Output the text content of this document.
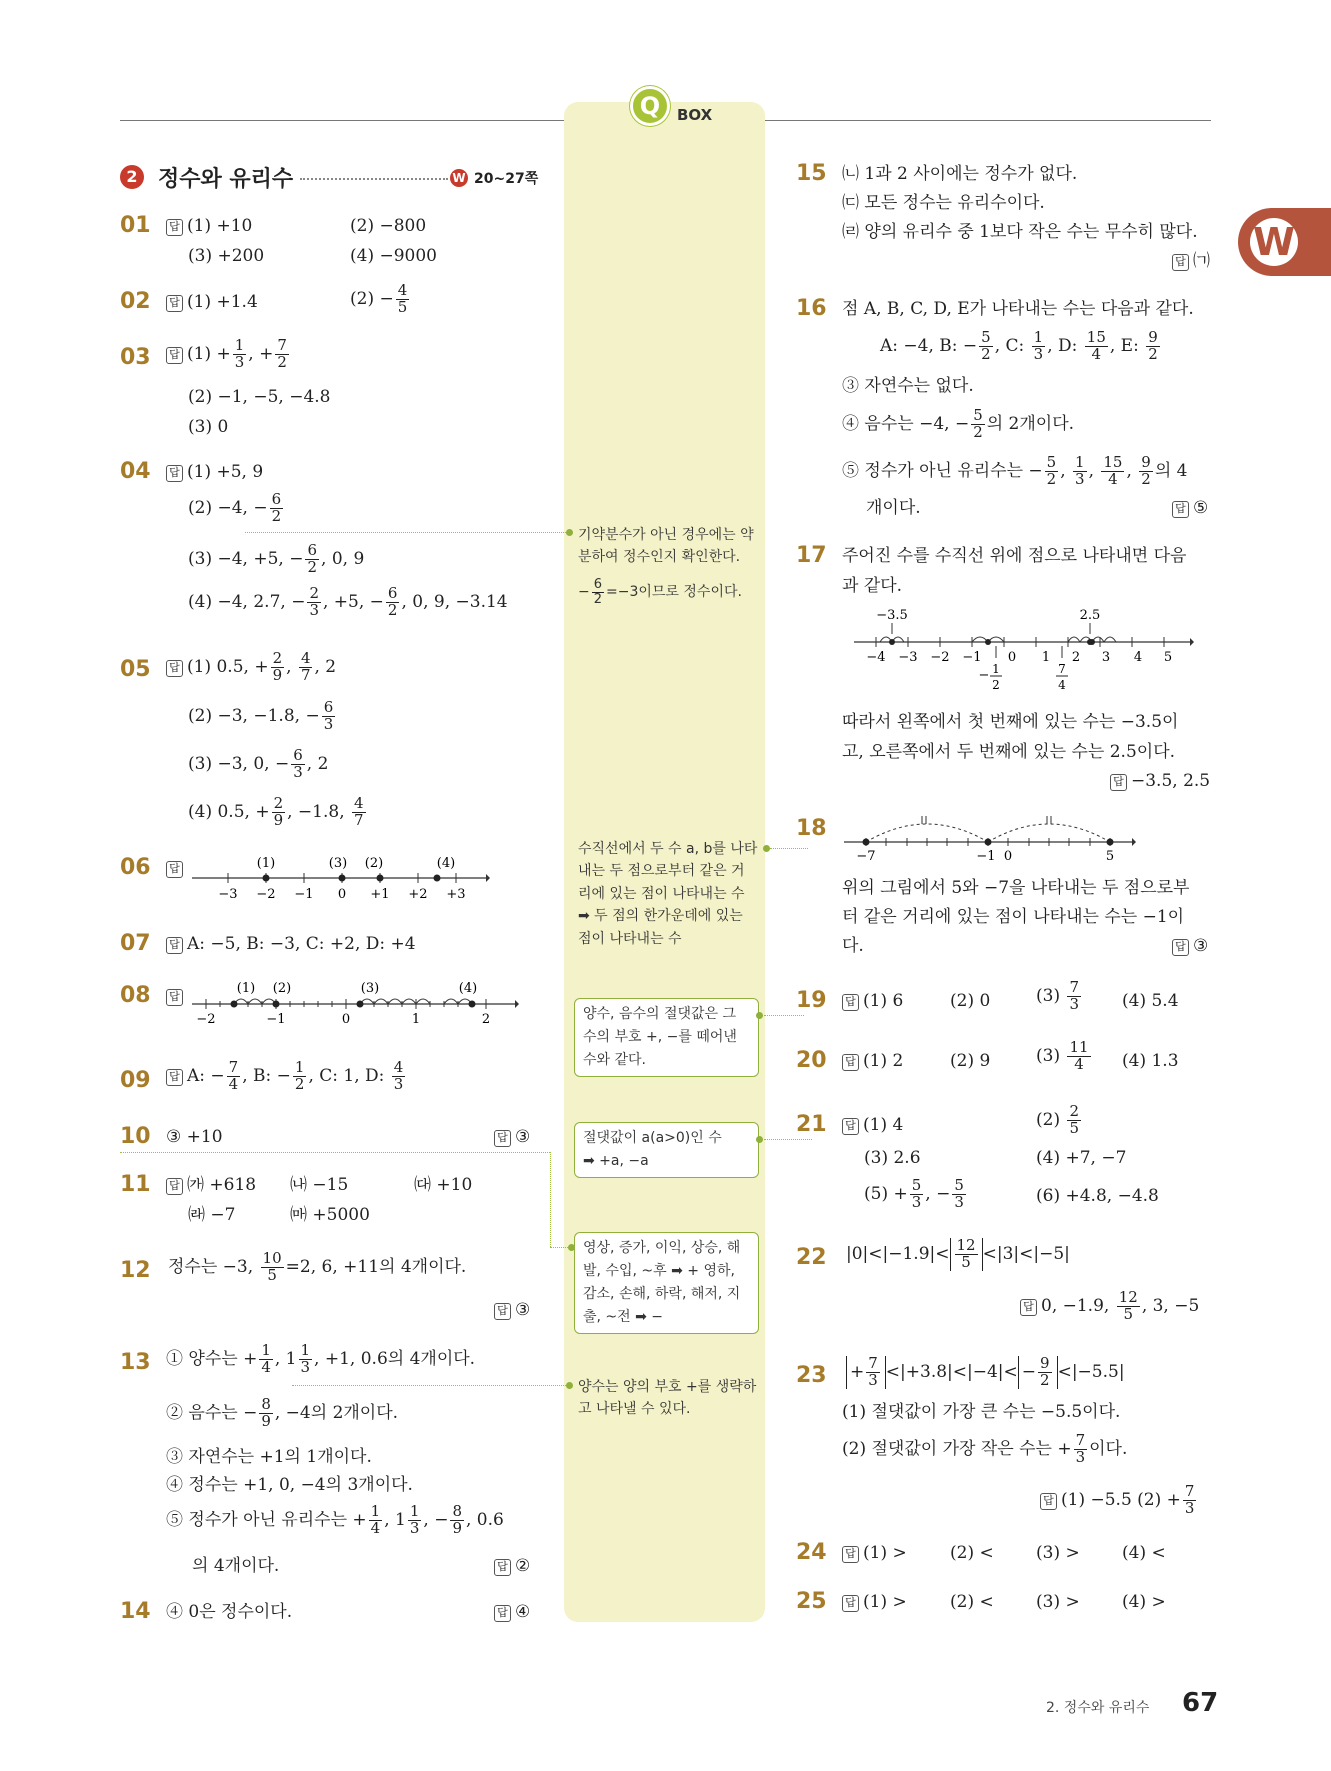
Q	BOX
W
2 정수와 유리수	W 20~27쪽
01 답	(1) +10	(2) −800
(3) +200	(4) −9000
02 답	(1) +1.4	$(2) - \frac{4}{5}$
03 답	$(1) + \frac{1}{3}$ , + $\frac{7}{2}$
(2) −1, −5, −4.8
(3) 0
04 답	(1) +5, 9
(2) −4, − $\frac{6}{2}$
(3) −4, +5, − $\frac{6}{2}$ , 0, 9
(4) −4, 2.7, − $\frac{2}{3}$ , +5, − $\frac{6}{2}$ , 0, 9, −3.14
05 답	(1) 0.5, + $\frac{2}{9}$ , $\frac{4}{7}$ , 2
(2) −3, −1.8, − $\frac{6}{3}$
(3) −3, 0, − $\frac{6}{3}$ , 2
(4) 0.5, + $\frac{2}{9}$ , −1.8, $\frac{4}{7}$
06 답	(1)	(3) (2)	(4)
−3 −2 −1 0 +1 +2 +3
07 답	A: −5, B: −3, C: +2, D: +4
08
답	(1) (2)	(3)	(4)
−2	−1	0	1	2
09 답	A: − $\frac{7}{4}$ , B: − $\frac{1}{2}$ , C: 1, D: $\frac{4}{3}$
10 ③ +10 답	③
11 답	㈎ +618 ㈏ −15	㈐ +10
㈑ −7	㈒ +5000
12 정수는 −3, $\frac{10}{5} =2$, 6, +11의 4개이다.
답③
13 ① 양수는 + $\frac{1}{4}$ , $1 \frac{1}{3}$ , +1, 0.6의 4개이다.
② 음수는 − $\frac{8}{9}$ , −4의 2개이다.
③ 자연수는 +1의 1개이다.
④ 정수는 +1, 0, −4의 3개이다.
⑤ 정수가 아닌 유리수는 + $\frac{1}{4}$ , $1 \frac{1}{3}$ , − $\frac{8}{9}$ , 0.6
의 4개이다. 답	②
14 ④ 0은 정수이다. 답	④
기약분수가 아닌 경우에는 약분하여 정수인지 확인한다.
− $\frac{6}{2} =-3$이므로 정수이다.
수직선에서 두 수 a, b를 나타내는 두 점으로부터 같은 거리에 있는 점이 나타내는 수 ➡ 두 점의 한가운데에 있는 점이 나타내는 수
양수, 음수의 절댓값은 그 수의 부호 +, −를 떼어낸 수와 같다.
절댓값이 a(a>0)인 수
➡ +a, −a
영상, 증가, 이익, 상승, 해발, 수입, ~후 ➡ + 영하, 감소, 손해, 하락, 해저, 지출, ~전 ➡ −
양수는 양의 부호 +를 생략하고 나타낼 수 있다.
15 ㈁ 1과 2 사이에는 정수가 없다.
㈂ 모든 정수는 유리수이다.
㈃ 양의 유리수 중 1보다 작은 수는 무수히 많다.
답㈀
16 점 A, B, C, D, E가 나타내는 수는 다음과 같다.
A: −4, B: − $\frac{5}{2}$ , C: $\frac{1}{3}$ , D: $\frac{15}{4}$ , E: $\frac{9}{2}$
③ 자연수는 없다.
④ 음수는 −4, − $\frac{5}{2}$ 의 2개이다.
⑤ 정수가 아닌 유리수는 − $\frac{5}{2}$ , $\frac{1}{3}$ , $\frac{15}{4}$ , $\frac{9}{2}$ 의 4
개이다. 답	⑤
17 주어진 수를 수직선 위에 점으로 나타내면 다음
과 같다.
−3.5	2.5
−4 −3 −2 −1 0 1 2 3 4 5
− 1
2
7
4
따라서 왼쪽에서 첫 번째에 있는 수는 −3.5이
고, 오른쪽에서 두 번째에 있는 수는 2.5이다.
답−3.5, 2.5
18
−7	−1 0	5
위의 그림에서 5와 −7을 나타내는 두 점으로부
터 같은 거리에 있는 점이 나타내는 수는 −1이
다. 답	③
19 답	(1) 6	(2) 0	$(3) \frac{7}{3} (4)$ 5.4
20 답	(1) 2	(2) 9	$(3) \frac{11}{4} (4)$ 1.3
21 답	(1) 4	$(2) \frac{2}{5}$
(3) 2.6	(4) +7, −7
$(5) + \frac{5}{3}$ , − $\frac{5}{3}$	(6) +4.8, −4.8
22 $|0|<|-1.9|< \frac{12}{5} <|3|<|-5|$
답0, −1.9, $\frac{12}{5}$ , 3, −5
$23 + \frac{7}{3} <|+3.8|<|-4|< - \frac{9}{2} <|-5.5|$
(1) 절댓값이 가장 큰 수는 −5.5이다.
(2) 절댓값이 가장 작은 수는 + $\frac{7}{3}$ 이다.
답(1) −5.5 $(2) + \frac{7}{3}$
24 답	(1) >	(2) < (3) > (4) <
25 답	(1) >	(2) < (3) > (4) >
2. 정수와 유리수 67
